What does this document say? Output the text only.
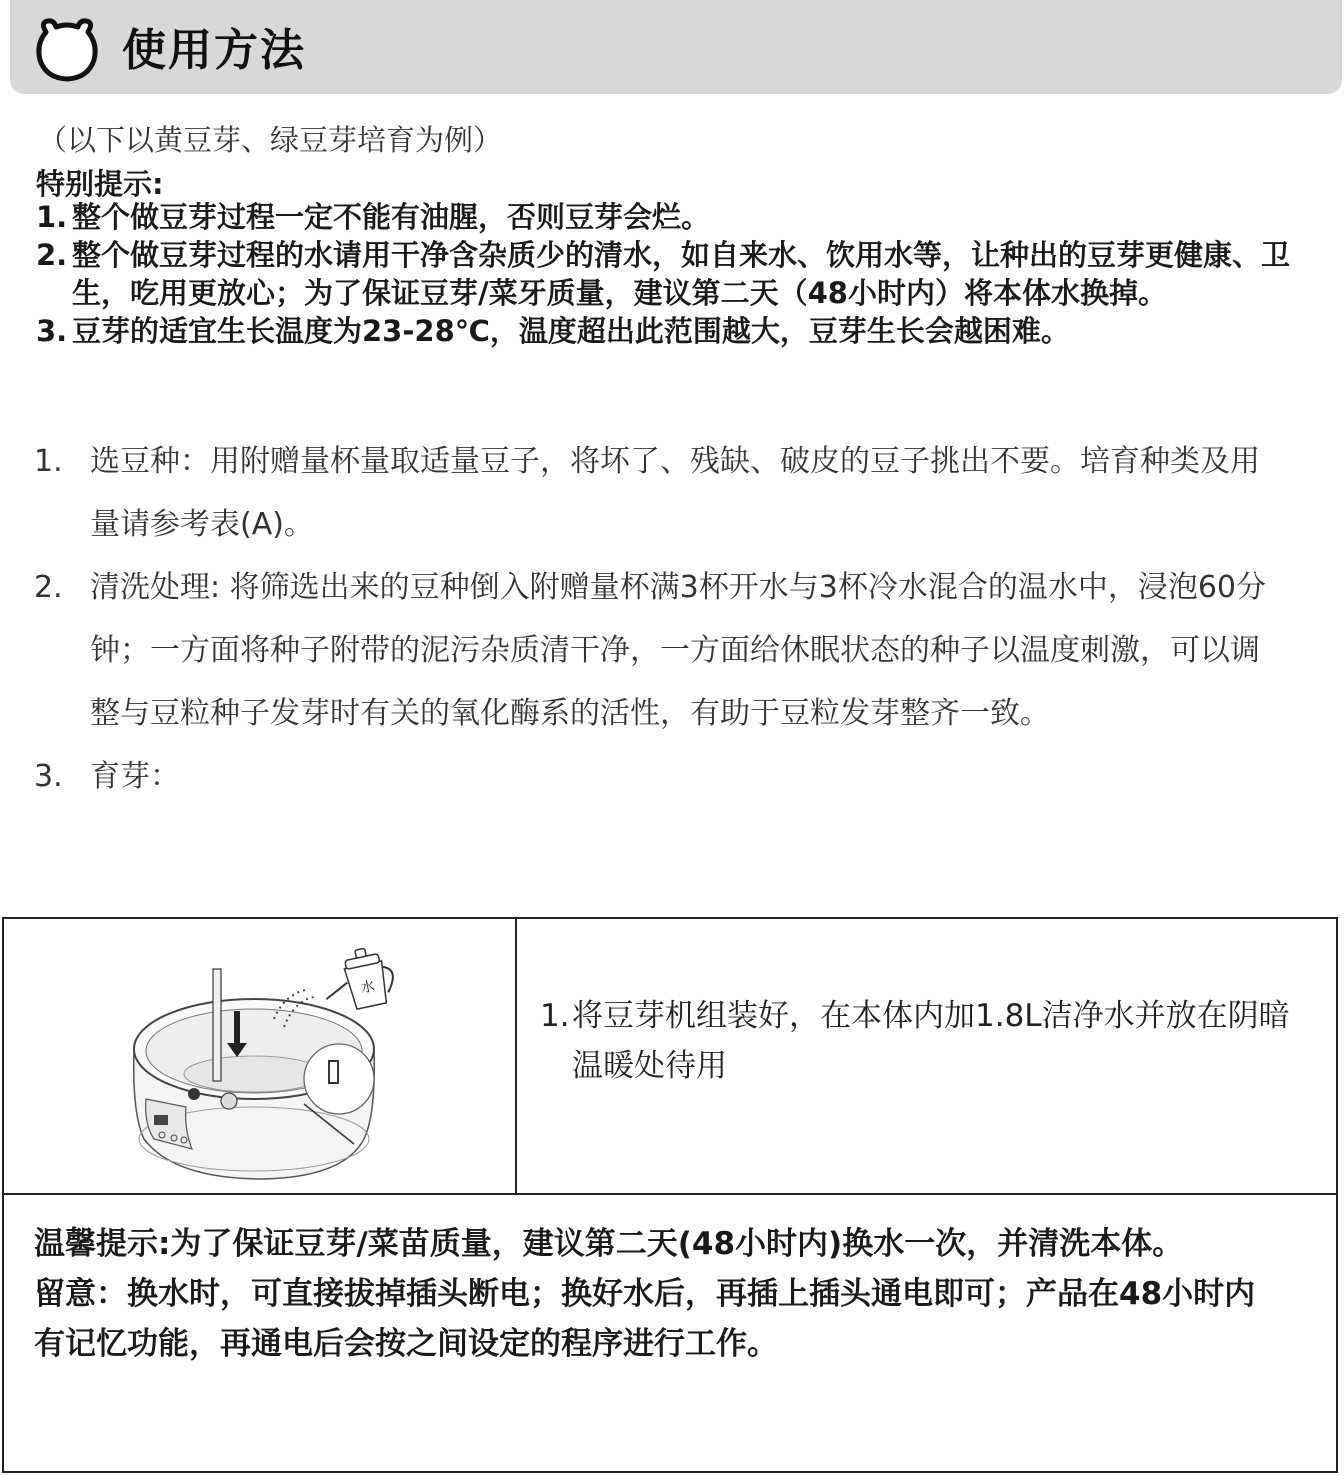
使用方法
（以下以黄豆芽、绿豆芽培育为例）
特别提示:
1. 整个做豆芽过程一定不能有油腥，否则豆芽会烂。
2. 整个做豆芽过程的水请用干净含杂质少的清水，如自来水、饮用水等，让种出的豆芽更健康、卫生，吃用更放心；为了保证豆芽/菜牙质量，建议第二天（48小时内）将本体水换掉。
3. 豆芽的适宜生长温度为23-28℃，温度超出此范围越大，豆芽生长会越困难。
1. 选豆种：用附赠量杯量取适量豆子，将坏了、残缺、破皮的豆子挑出不要。培育种类及用量请参考表(A)。
2. 清洗处理: 将筛选出来的豆种倒入附赠量杯满3杯开水与3杯冷水混合的温水中，浸泡60分钟；一方面将种子附带的泥污杂质清干净，一方面给休眠状态的种子以温度刺激，可以调整与豆粒种子发芽时有关的氧化酶系的活性，有助于豆粒发芽整齐一致。
3. 育芽：
水
1. 将豆芽机组装好，在本体内加1.8L洁净水并放在阴暗温暖处待用

温馨提示:为了保证豆芽/菜苗质量，建议第二天(48小时内)换水一次，并清洗本体。

留意：换水时，可直接拔掉插头断电；换好水后，再插上插头通电即可；产品在48小时内有记忆功能，再通电后会按之间设定的程序进行工作。
